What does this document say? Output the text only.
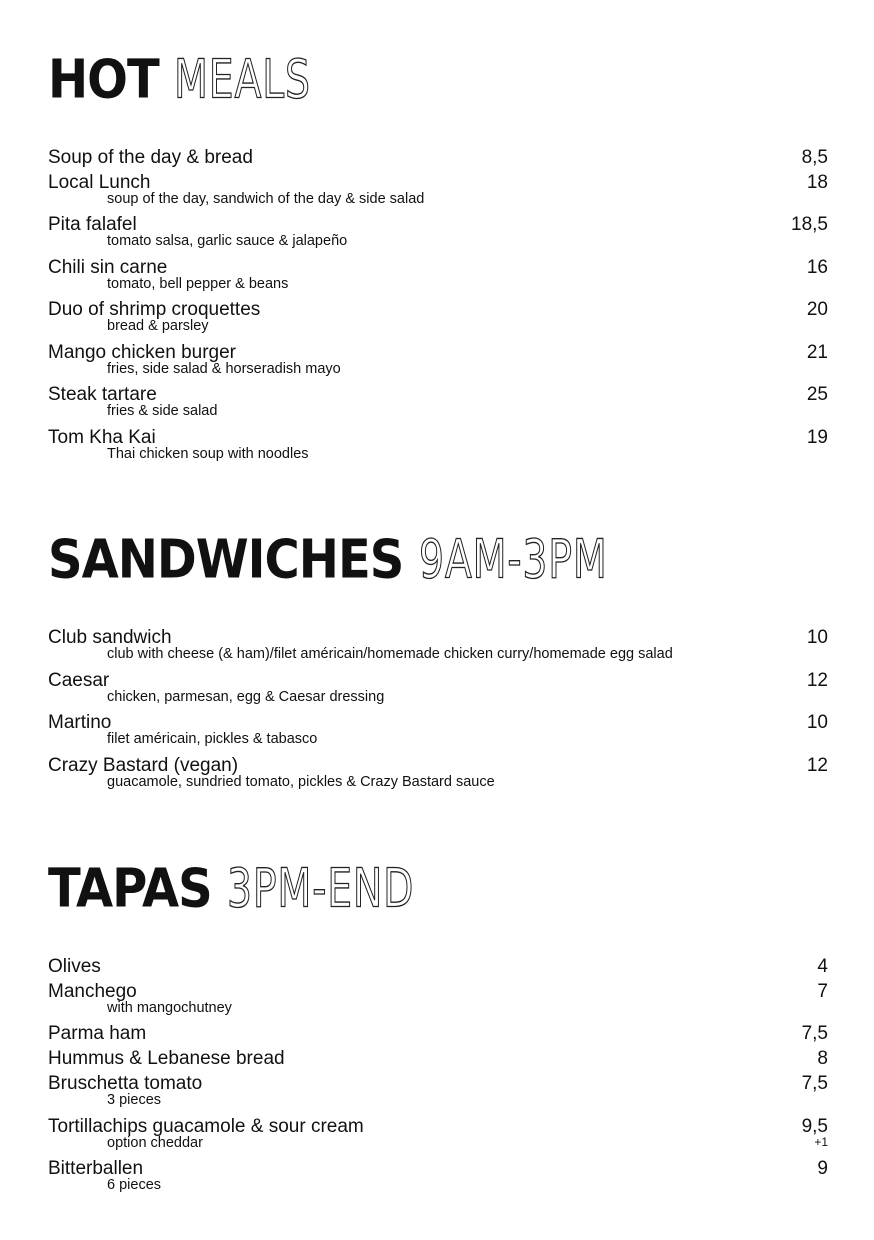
HOT MEALS
Soup of the day & bread	8,5
Local Lunch	18
soup of the day, sandwich of the day & side salad
Pita falafel	18,5
tomato salsa, garlic sauce & jalapeño
Chili sin carne	16
tomato, bell pepper & beans
Duo of shrimp croquettes	20
bread & parsley
Mango chicken burger	21
fries, side salad & horseradish mayo
Steak tartare	25
fries & side salad
Tom Kha Kai	19
Thai chicken soup with noodles
SANDWICHES 9AM-3PM
Club sandwich	10
club with cheese (& ham)/filet américain/homemade chicken curry/homemade egg salad
Caesar	12
chicken, parmesan, egg & Caesar dressing
Martino	10
filet américain, pickles & tabasco
Crazy Bastard (vegan)	12
guacamole, sundried tomato, pickles & Crazy Bastard sauce
TAPAS 3PM-END
Olives	4
Manchego	7
with mangochutney
Parma ham	7,5
Hummus & Lebanese bread	8
Bruschetta tomato	7,5
3 pieces
Tortillachips guacamole & sour cream	9,5
option cheddar	+1
Bitterballen	9
6 pieces
